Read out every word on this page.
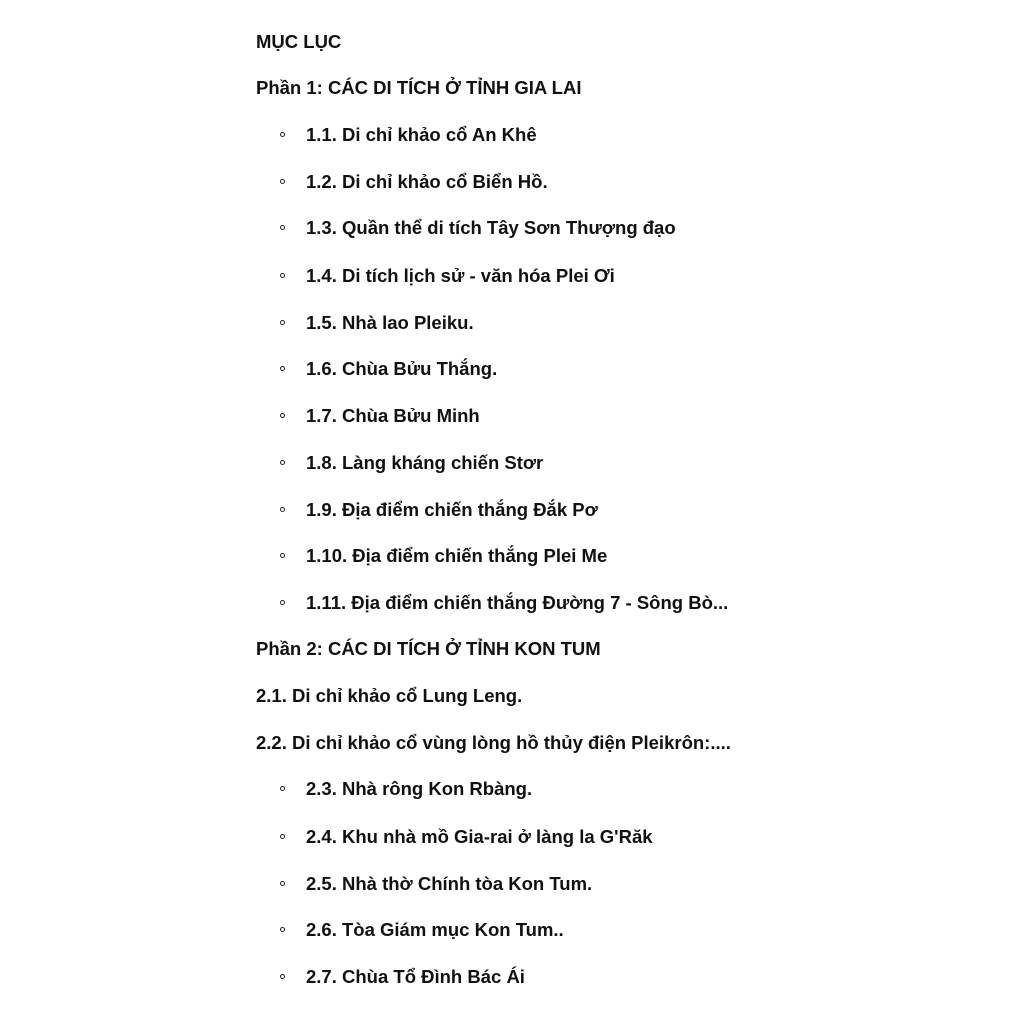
MỤC LỤC
Phần 1: CÁC DI TÍCH Ở TỈNH GIA LAI
1.1. Di chỉ khảo cổ An Khê
1.2. Di chỉ khảo cổ Biển Hồ.
1.3. Quần thể di tích Tây Sơn Thượng đạo
1.4. Di tích lịch sử - văn hóa Plei Ơi
1.5. Nhà lao Pleiku.
1.6. Chùa Bửu Thắng.
1.7. Chùa Bửu Minh
1.8. Làng kháng chiến Stơr
1.9. Địa điểm chiến thắng Đắk Pơ
1.10. Địa điểm chiến thắng Plei Me
1.11. Địa điểm chiến thắng Đường 7 - Sông Bò...
Phần 2: CÁC DI TÍCH Ở TỈNH KON TUM
2.1. Di chỉ khảo cổ Lung Leng.
2.2. Di chỉ khảo cổ vùng lòng hồ thủy điện Pleikrôn:....
2.3. Nhà rông Kon Rbàng.
2.4. Khu nhà mồ Gia-rai ở làng la G'Răk
2.5. Nhà thờ Chính tòa Kon Tum.
2.6. Tòa Giám mục Kon Tum..
2.7. Chùa Tổ Đình Bác Ái
